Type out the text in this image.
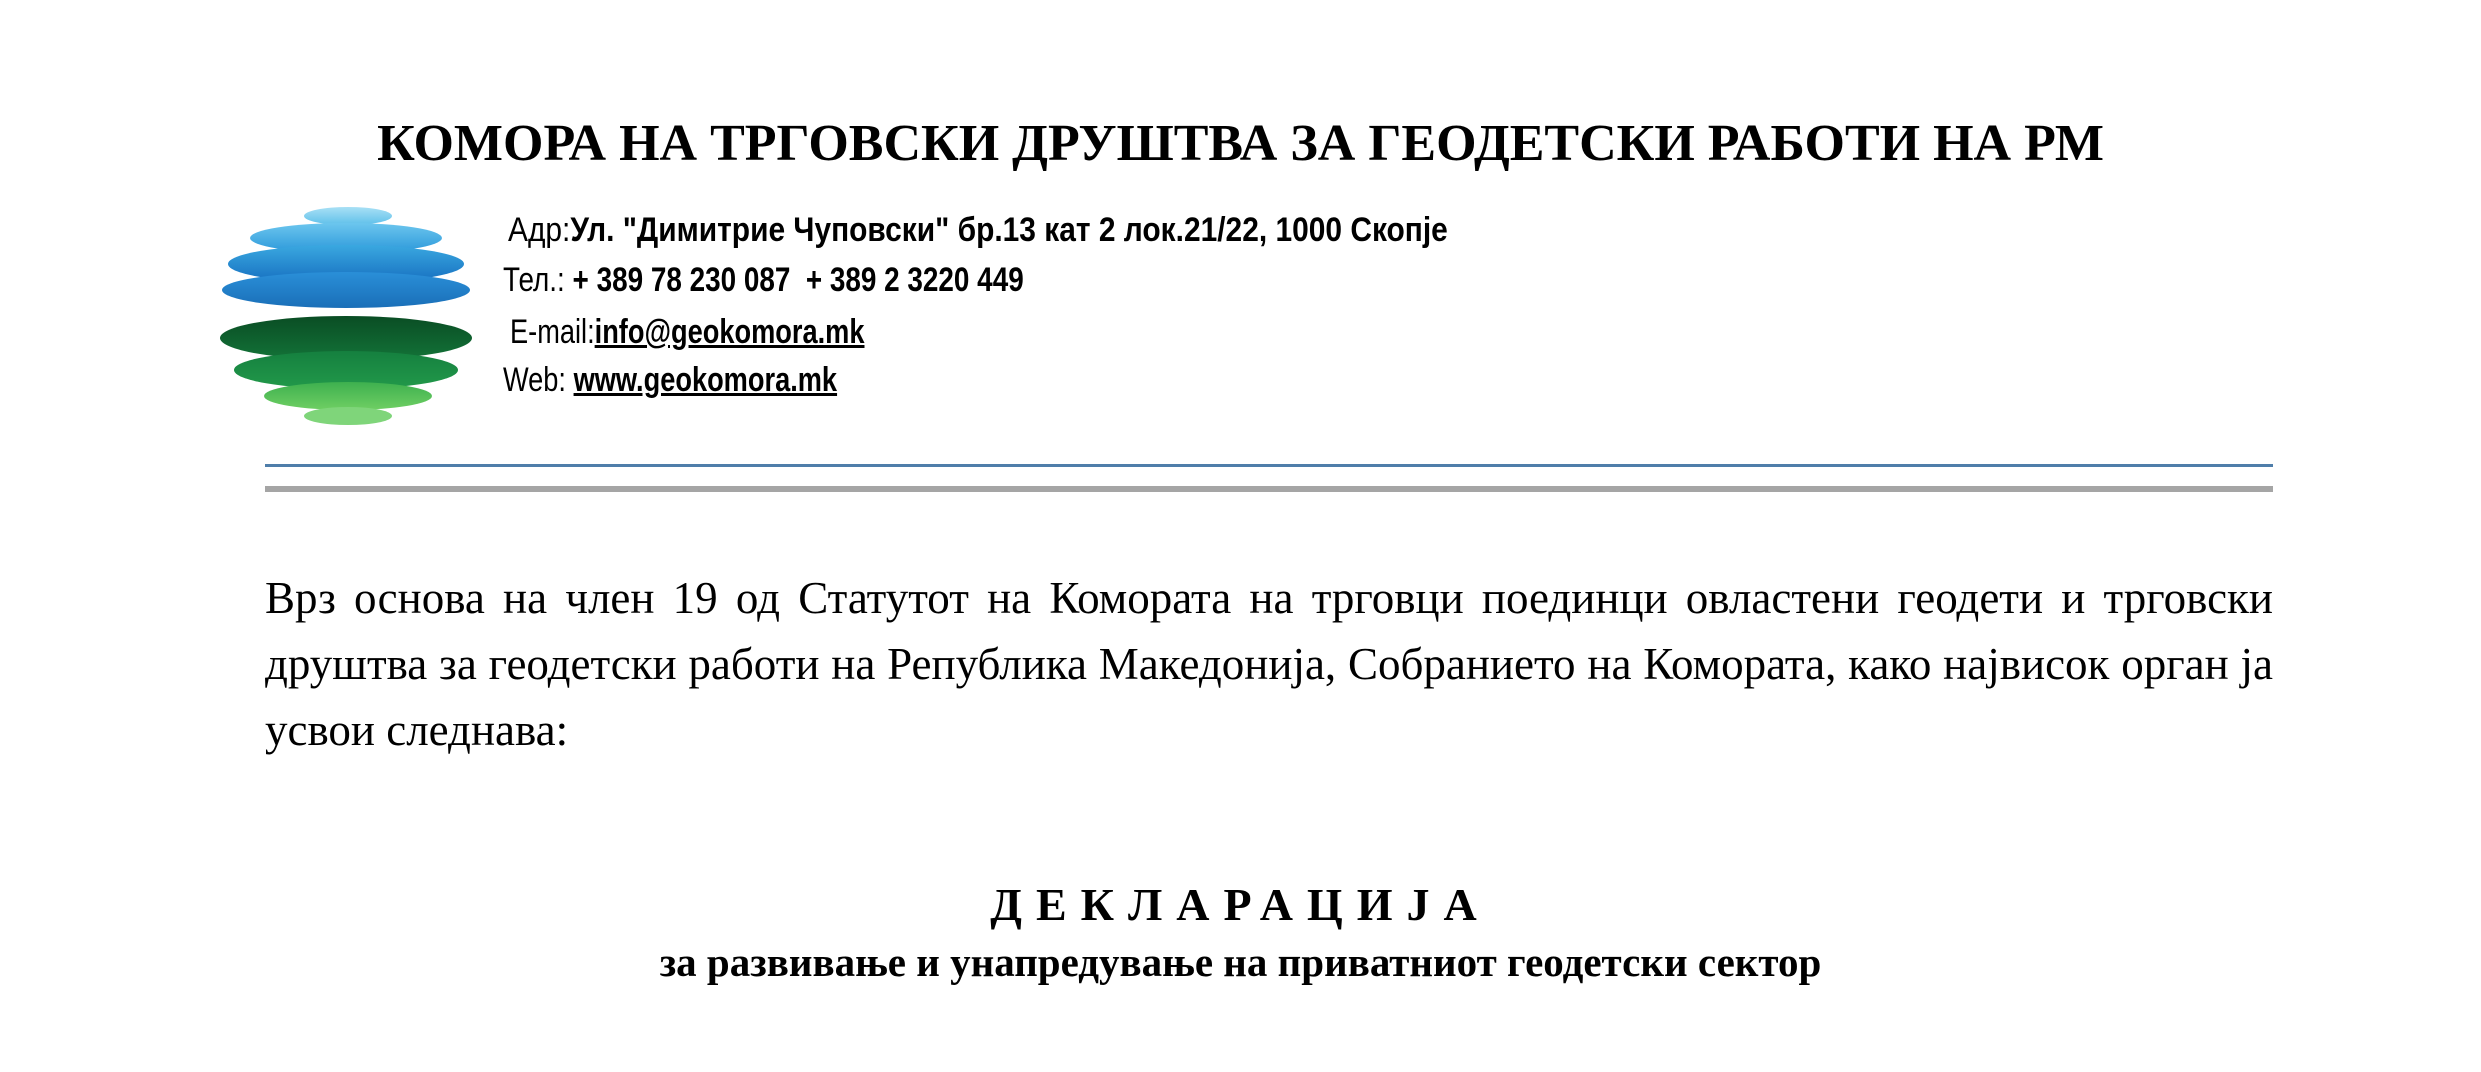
КОМОРА НА ТРГОВСКИ ДРУШТВА ЗА ГЕОДЕТСКИ РАБОТИ НА РМ
Адр:Ул. "Димитрие Чуповски" бр.13 кат 2 лок.21/22, 1000 Скопје
Тел.: + 389 78 230 087  + 389 2 3220 449
E-mail:info@geokomora.mk
Web: www.geokomora.mk

Врз основа на член 19 од Статутот на Комората на трговци поединци овластени геодети и трговски друштва за геодетски работи на Република Македонија, Собранието на Комората, како највисок орган ја усвои следнава:

ДЕКЛАРАЦИЈА
за развивање и унапредување на приватниот геодетски сектор
